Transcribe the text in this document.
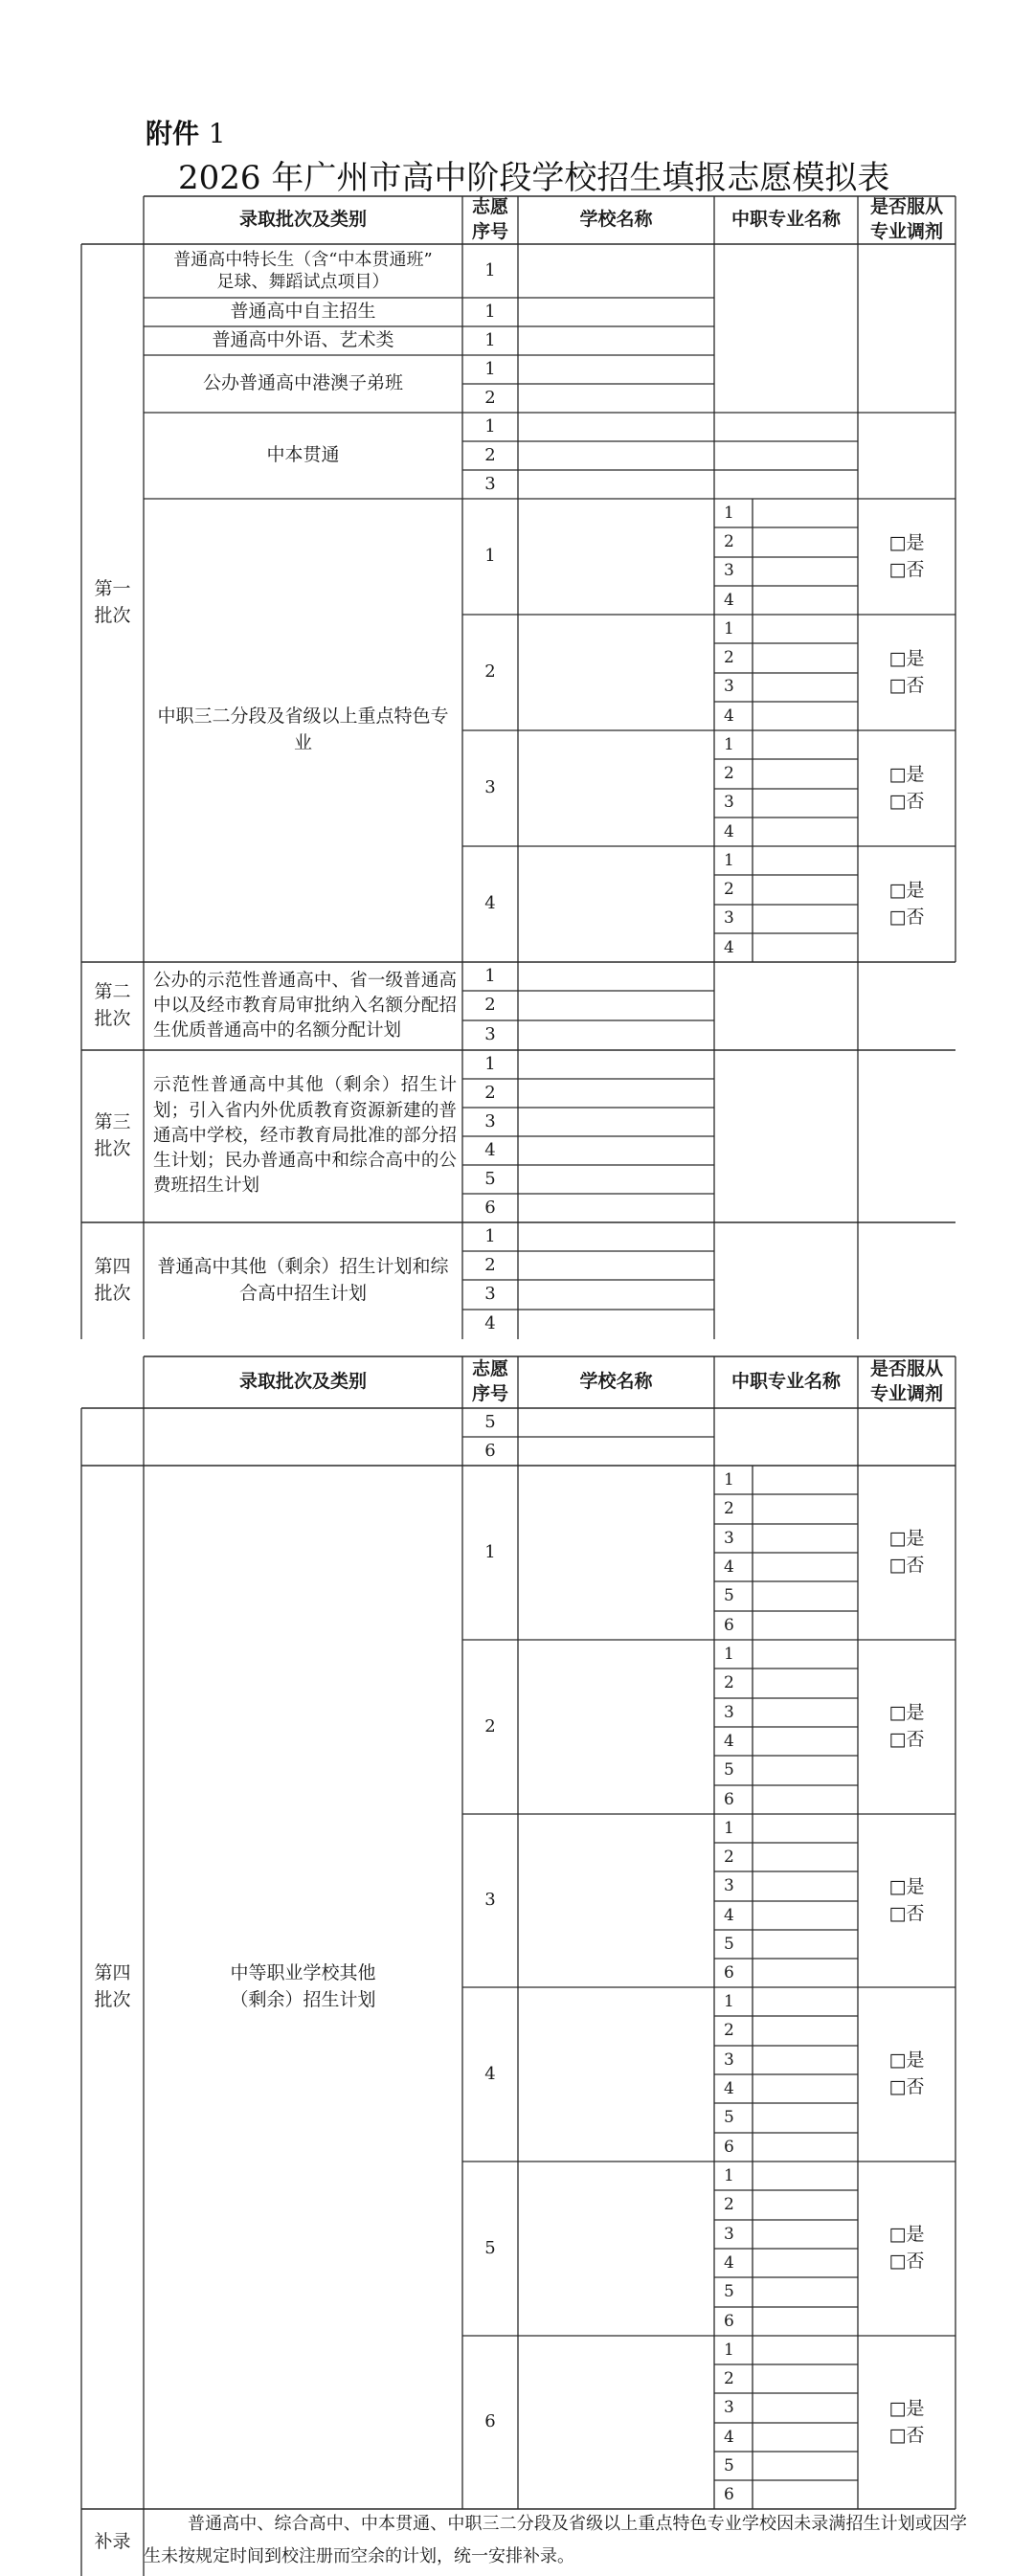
附件 1
2026 年广州市高中阶段学校招生填报志愿模拟表
录取批次及类别
志愿
序号
学校名称	中职专业名称
是否服从
专业调剂
第一
批次
第二
批次
第三
批次
第四
批次
普通高中特长生（含“中本贯通班”
足球、舞蹈试点项目）
普通高中自主招生
普通高中外语、艺术类
公办普通高中港澳子弟班
中本贯通
中职三二分段及省级以上重点特色专
业
公办的示范性普通高中、省一级普通高中以及经市教育局审批纳入名额分配招生优质普通高中的名额分配计划
示范性普通高中其他（剩余）招生计划；引入省内外优质教育资源新建的普通高中学校，经市教育局批准的部分招生计划；民办普通高中和综合高中的公费班招生计划
普通高中其他（剩余）招生计划和综
合高中招生计划
1
1
1
1
2
1
2
3
1
2
3
4
1
2
3
1
2
3
4
5
6
1
2
3
4
1
2
3
4
1
2
3
4
1
2
3
4
1
2
3
4
□是
□否
□是
□否
□是
□否
□是
□否
录取批次及类别
志愿
序号
学校名称	中职专业名称
是否服从
专业调剂
5
6
第四
批次
中等职业学校其他
（剩余）招生计划
1
2
3
4
5
6
1
2
3
4
5
6
1
2
3
4
5
6
1
2
3
4
5
6
1
2
3
4
5
6
1
2
3
4
5
6
1
2
3
4
5
6
□是
□否
□是
□否
□是
□否
□是
□否
□是
□否
□是
□否
补录
普通高中、综合高中、中本贯通、中职三二分段及省级以上重点特色专业学校因未录满招生计划或因学生未按规定时间到校注册而空余的计划，统一安排补录。
